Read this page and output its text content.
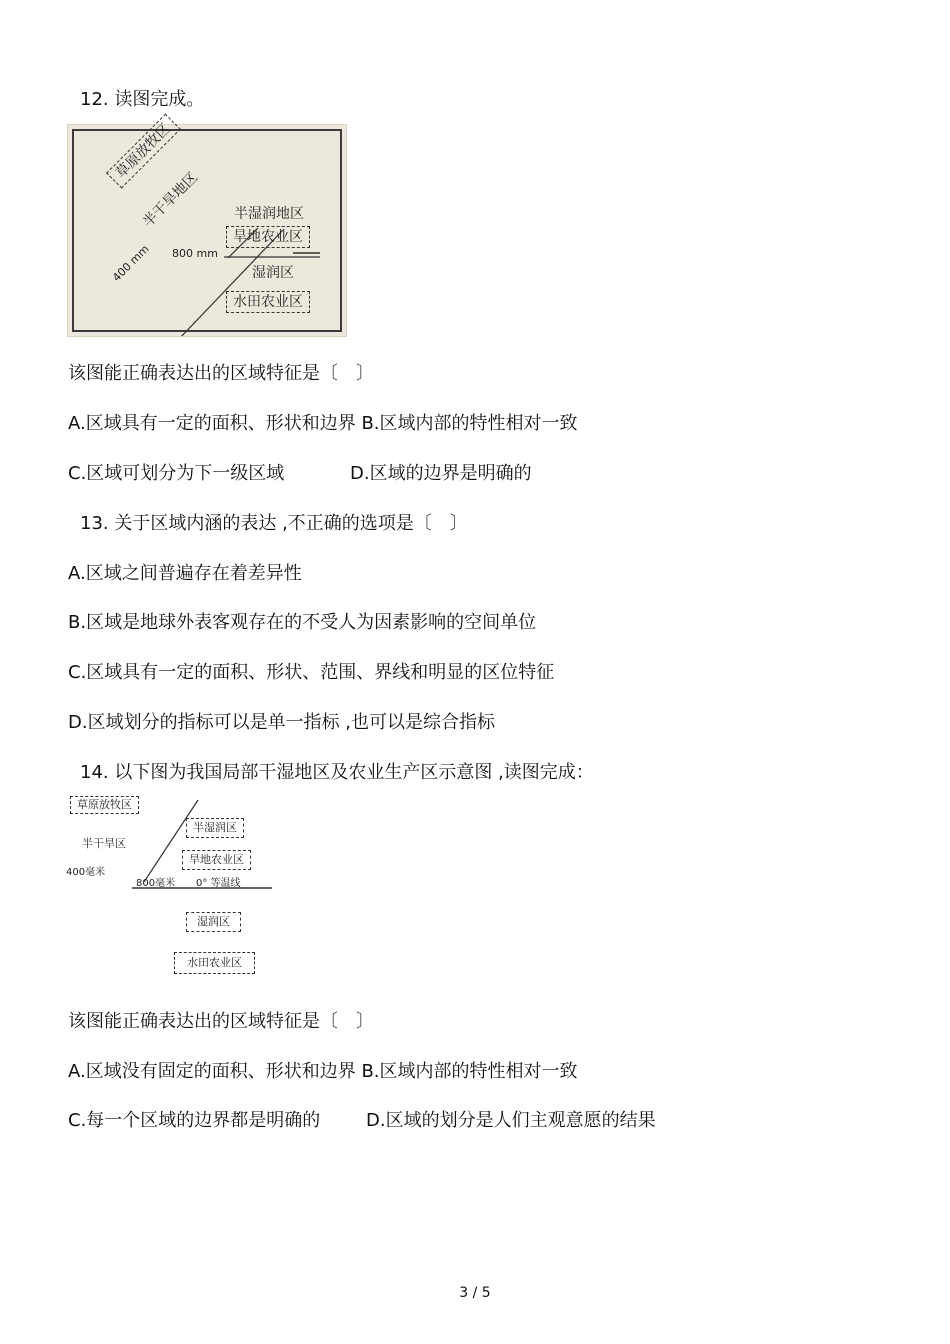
12. 读图完成。
草原放牧区
半干旱地区
400 mm 800 mm
半湿润地区
旱地农业区
湿润区
水田农业区
该图能正确表达出的区域特征是〔　〕
A.区域具有一定的面积、形状和边界 B.区域内部的特性相对一致
C.区域可划分为下一级区域	D.区域的边界是明确的
13. 关于区域内涵的表达 ,不正确的选项是〔　〕
A.区域之间普遍存在着差异性
B.区域是地球外表客观存在的不受人为因素影响的空间单位
C.区域具有一定的面积、形状、范围、界线和明显的区位特征
D.区域划分的指标可以是单一指标 ,也可以是综合指标
14. 以下图为我国局部干湿地区及农业生产区示意图 ,读图完成：
草原放牧区
半干旱区
400毫米
800毫米 0° 等温线
半湿润区
旱地农业区
湿润区
水田农业区
该图能正确表达出的区域特征是〔　〕
A.区域没有固定的面积、形状和边界 B.区域内部的特性相对一致
C.每一个区域的边界都是明确的	D.区域的划分是人们主观意愿的结果
3 / 5
